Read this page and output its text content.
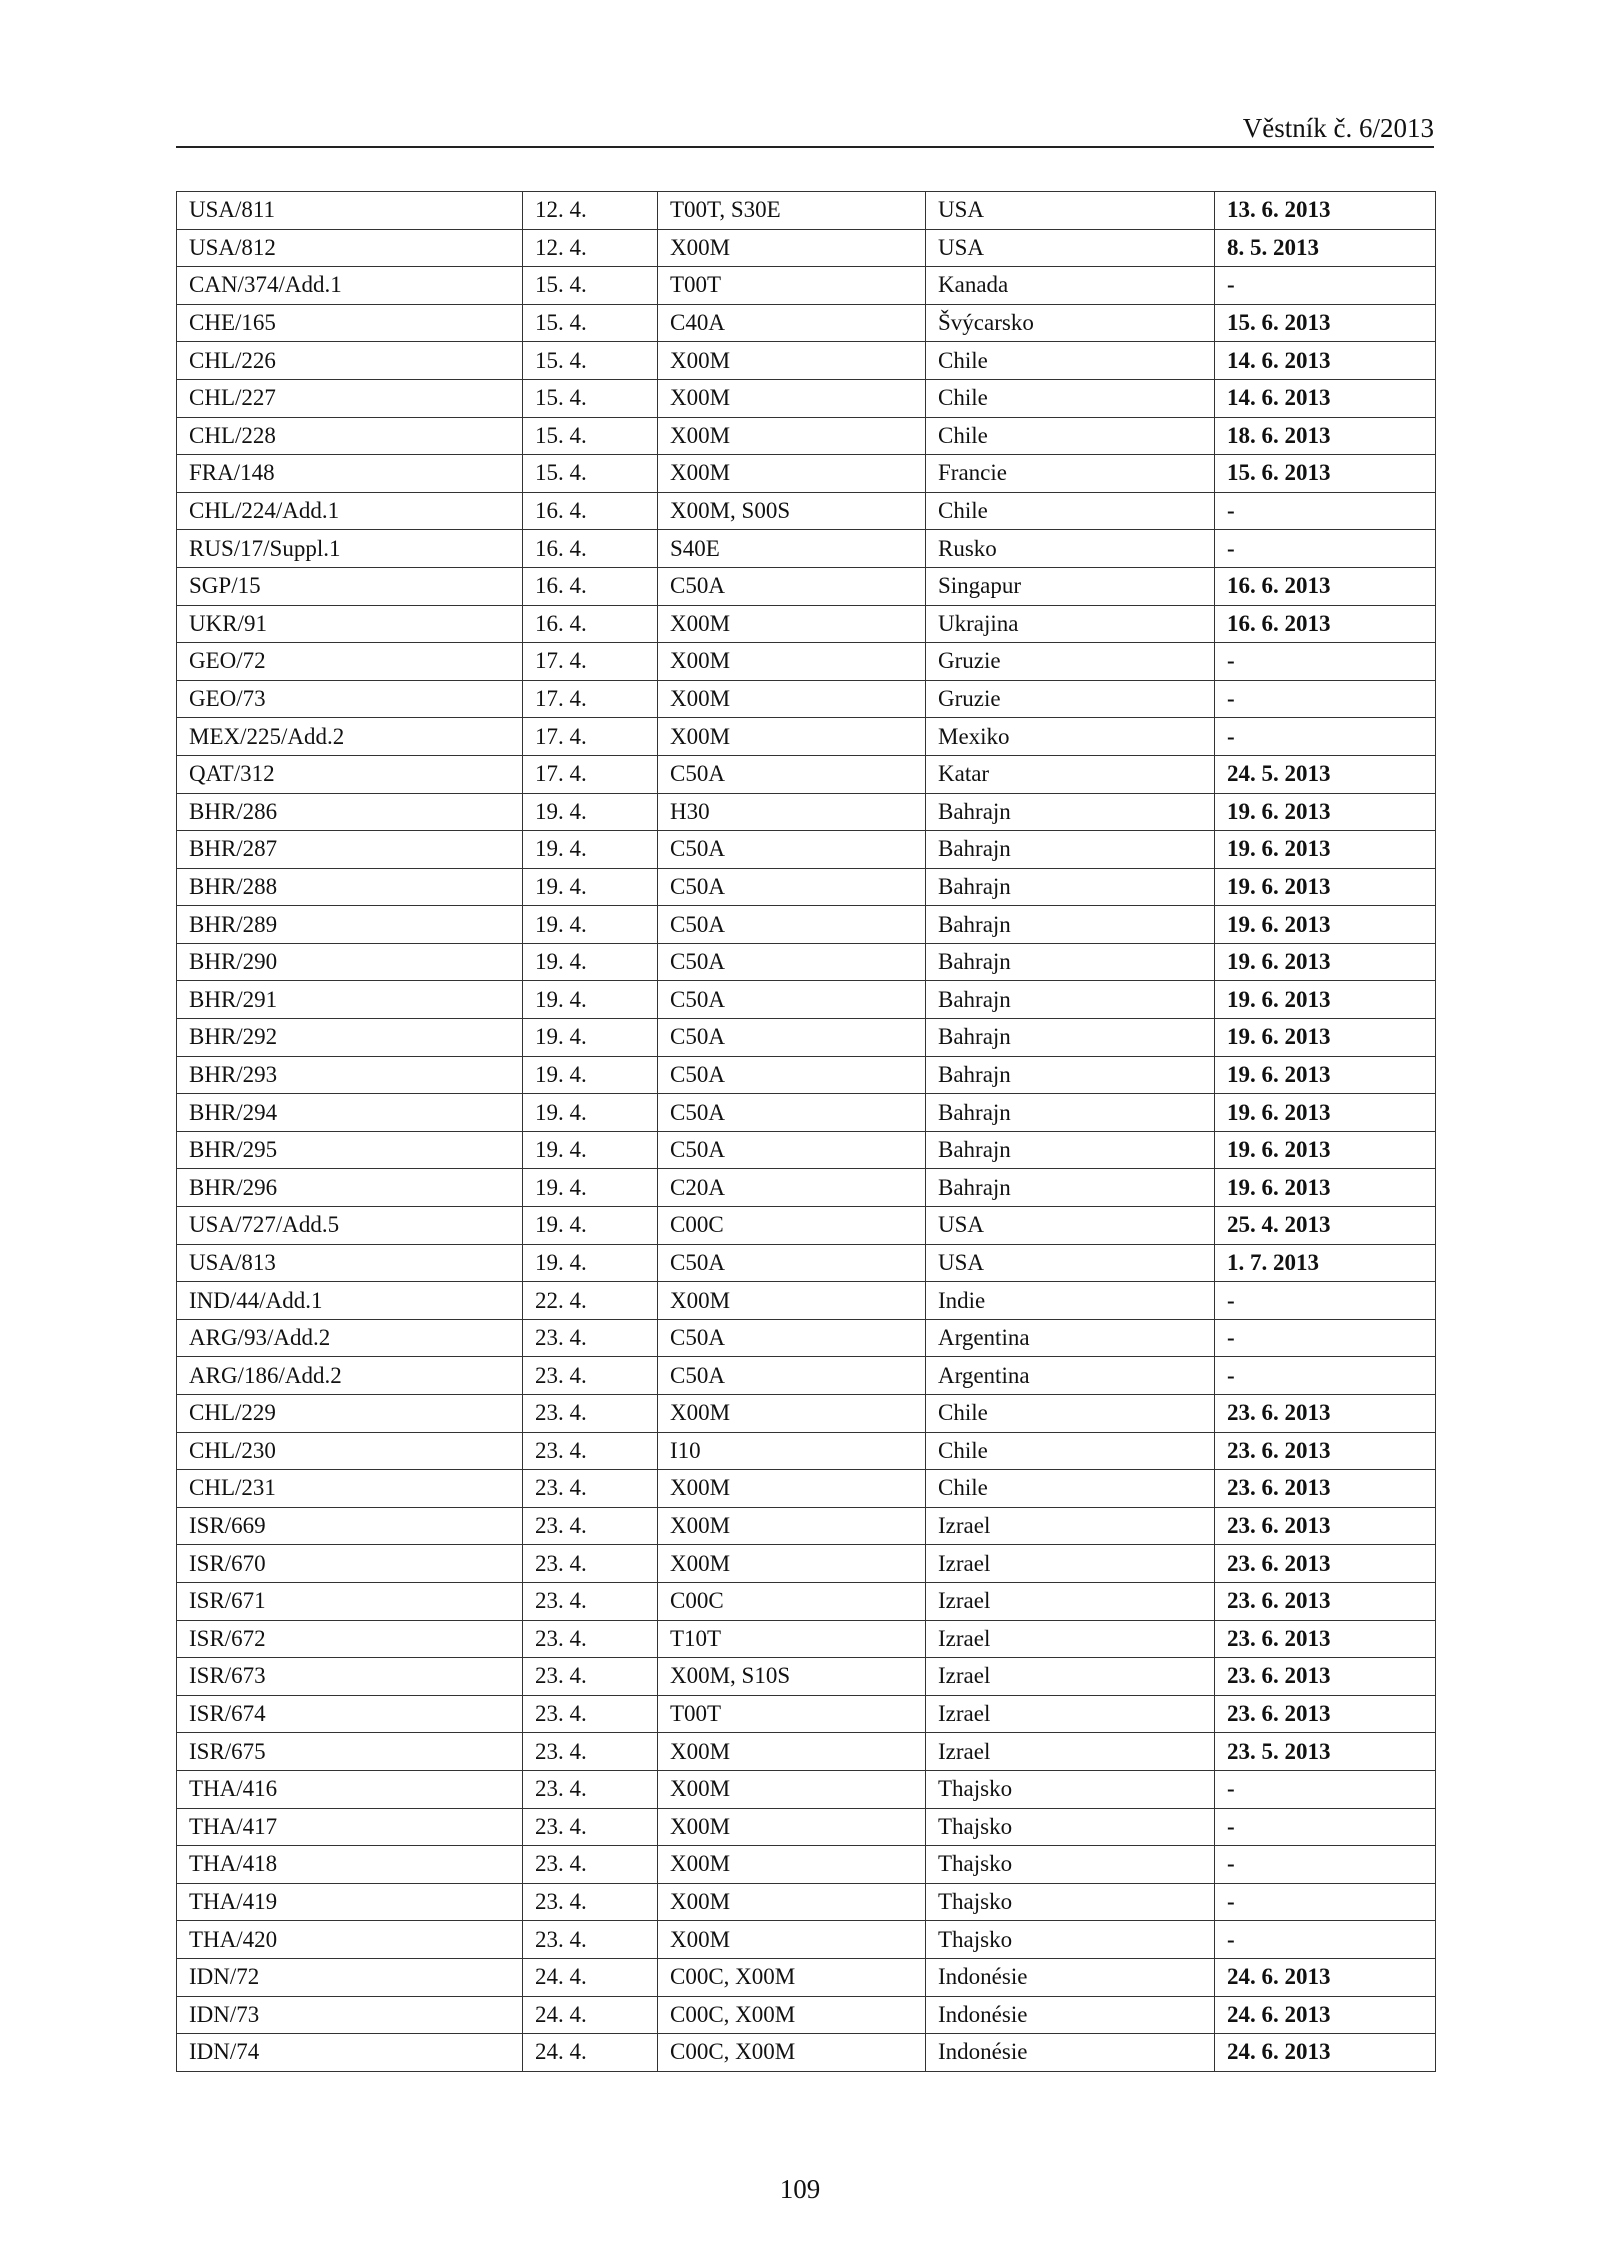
Věstník č. 6/2013
USA/811	12. 4.	T00T, S30E	USA	13. 6. 2013
USA/812	12. 4.	X00M	USA	8. 5. 2013
CAN/374/Add.1	15. 4.	T00T	Kanada	-
CHE/165	15. 4.	C40A	Švýcarsko	15. 6. 2013
CHL/226	15. 4.	X00M	Chile	14. 6. 2013
CHL/227	15. 4.	X00M	Chile	14. 6. 2013
CHL/228	15. 4.	X00M	Chile	18. 6. 2013
FRA/148	15. 4.	X00M	Francie	15. 6. 2013
CHL/224/Add.1	16. 4.	X00M, S00S	Chile	-
RUS/17/Suppl.1	16. 4.	S40E	Rusko	-
SGP/15	16. 4.	C50A	Singapur	16. 6. 2013
UKR/91	16. 4.	X00M	Ukrajina	16. 6. 2013
GEO/72	17. 4.	X00M	Gruzie	-
GEO/73	17. 4.	X00M	Gruzie	-
MEX/225/Add.2	17. 4.	X00M	Mexiko	-
QAT/312	17. 4.	C50A	Katar	24. 5. 2013
BHR/286	19. 4.	H30	Bahrajn	19. 6. 2013
BHR/287	19. 4.	C50A	Bahrajn	19. 6. 2013
BHR/288	19. 4.	C50A	Bahrajn	19. 6. 2013
BHR/289	19. 4.	C50A	Bahrajn	19. 6. 2013
BHR/290	19. 4.	C50A	Bahrajn	19. 6. 2013
BHR/291	19. 4.	C50A	Bahrajn	19. 6. 2013
BHR/292	19. 4.	C50A	Bahrajn	19. 6. 2013
BHR/293	19. 4.	C50A	Bahrajn	19. 6. 2013
BHR/294	19. 4.	C50A	Bahrajn	19. 6. 2013
BHR/295	19. 4.	C50A	Bahrajn	19. 6. 2013
BHR/296	19. 4.	C20A	Bahrajn	19. 6. 2013
USA/727/Add.5	19. 4.	C00C	USA	25. 4. 2013
USA/813	19. 4.	C50A	USA	1. 7. 2013
IND/44/Add.1	22. 4.	X00M	Indie	-
ARG/93/Add.2	23. 4.	C50A	Argentina	-
ARG/186/Add.2	23. 4.	C50A	Argentina	-
CHL/229	23. 4.	X00M	Chile	23. 6. 2013
CHL/230	23. 4.	I10	Chile	23. 6. 2013
CHL/231	23. 4.	X00M	Chile	23. 6. 2013
ISR/669	23. 4.	X00M	Izrael	23. 6. 2013
ISR/670	23. 4.	X00M	Izrael	23. 6. 2013
ISR/671	23. 4.	C00C	Izrael	23. 6. 2013
ISR/672	23. 4.	T10T	Izrael	23. 6. 2013
ISR/673	23. 4.	X00M, S10S	Izrael	23. 6. 2013
ISR/674	23. 4.	T00T	Izrael	23. 6. 2013
ISR/675	23. 4.	X00M	Izrael	23. 5. 2013
THA/416	23. 4.	X00M	Thajsko	-
THA/417	23. 4.	X00M	Thajsko	-
THA/418	23. 4.	X00M	Thajsko	-
THA/419	23. 4.	X00M	Thajsko	-
THA/420	23. 4.	X00M	Thajsko	-
IDN/72	24. 4.	C00C, X00M	Indonésie	24. 6. 2013
IDN/73	24. 4.	C00C, X00M	Indonésie	24. 6. 2013
IDN/74	24. 4.	C00C, X00M	Indonésie	24. 6. 2013
109
